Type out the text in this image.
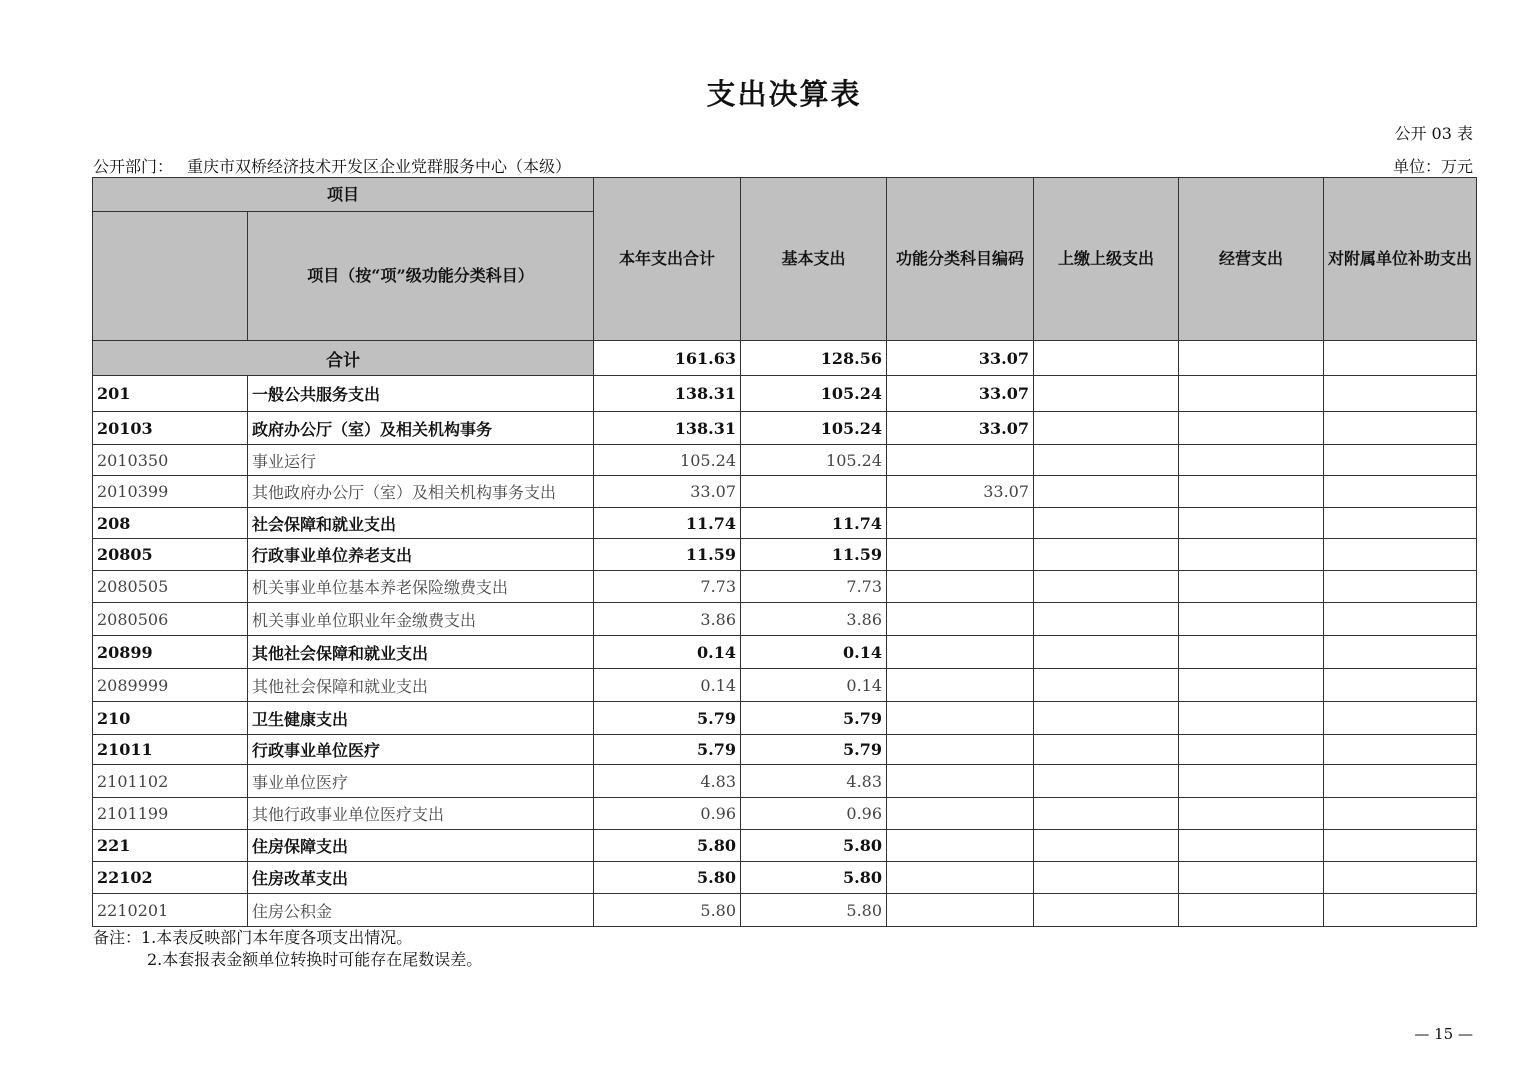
支出决算表
公开 03 表
公开部门： 重庆市双桥经济技术开发区企业党群服务中心（本级）	单位：万元
项目		本年支出合计	基本支出	功能分类科目编码	上缴上级支出	经营支出	对附属单位补助支出
	项目（按“项”级功能分类科目）						
合计		161.63	128.56	33.07			
201	一般公共服务支出	138.31	105.24	33.07			
20103	政府办公厅（室）及相关机构事务	138.31	105.24	33.07			
2010350	事业运行	105.24	105.24				
2010399	其他政府办公厅（室）及相关机构事务支出	33.07		33.07			
208	社会保障和就业支出	11.74	11.74				
20805	行政事业单位养老支出	11.59	11.59				
2080505	机关事业单位基本养老保险缴费支出	7.73	7.73				
2080506	机关事业单位职业年金缴费支出	3.86	3.86				
20899	其他社会保障和就业支出	0.14	0.14				
2089999	其他社会保障和就业支出	0.14	0.14				
210	卫生健康支出	5.79	5.79				
21011	行政事业单位医疗	5.79	5.79				
2101102	事业单位医疗	4.83	4.83				
2101199	其他行政事业单位医疗支出	0.96	0.96				
221	住房保障支出	5.80	5.80				
22102	住房改革支出	5.80	5.80				
2210201	住房公积金	5.80	5.80				
备注：1.本表反映部门本年度各项支出情况。
2.本套报表金额单位转换时可能存在尾数误差。
— 15 —
